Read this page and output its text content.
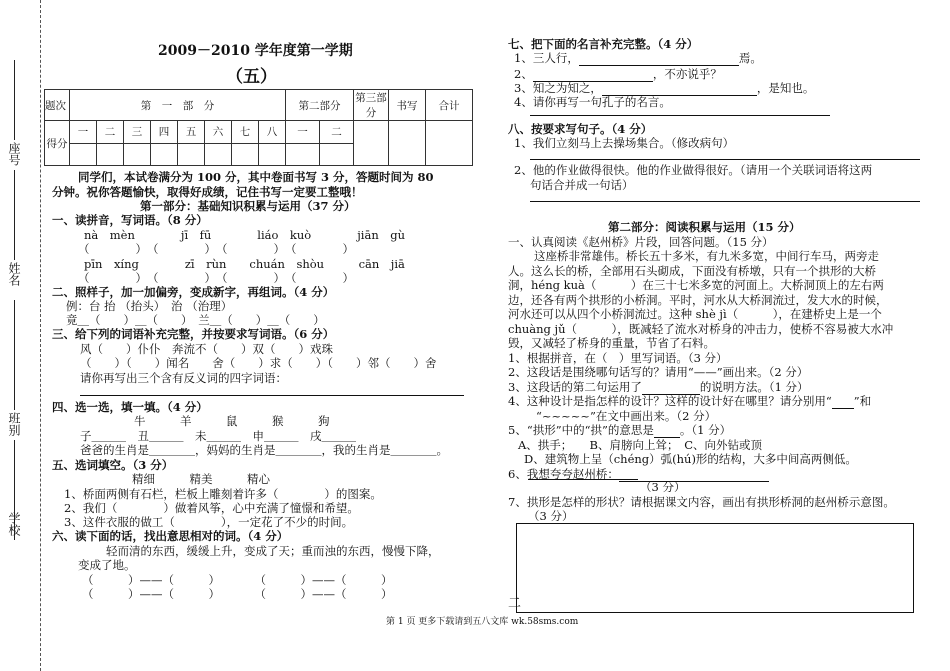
座号
姓名
班别
学校
2009－2010 学年度第一学期
（五）
题次	第　一　部　分								第二部分		第三部分	书写	合计
得分	一	二	三	四	五	六	七	八	一	二			

同学们，本试卷满分为 100 分，其中卷面书写 3 分，答题时间为 80
分钟。祝你答题愉快，取得好成绩，记住书写一定要工整哦！
第一部分：基础知识积累与运用（37 分）
一、读拼音，写词语。（8 分）
nà　mèn　　　　jī　fū　　　　liáo　kuò　　　　jiān　gù
（　　　　）　（　　　　）　（　　　　）　（　　　　）
pīn　xíng　　　　zī　rùn　　chuán　shòu　　　cān　jiā
（　　　　）　（　　　　）　（　　　　）　（　　　　）
二、照样子，加一加偏旁，变成新字，再组词。（4 分）
例：台 抬 （抬头）　治 （治理）
竟＿（　　）＿（　　）　兰＿（　　）＿（　　）
三、给下列的词语补充完整，并按要求写词语。（6 分）
风（　　）仆仆　奔流不（　　）双（　　）戏珠
（　　）（　　）闻名　　舍（　　）求（　　）（　　）邻（　　）舍
请你再写出三个含有反义词的四字词语：
四、选一选，填一填。（4 分）
牛　　　羊　　　鼠　　　猴　　　狗
子＿＿＿　丑＿＿＿　未＿＿＿　申＿＿＿　戌＿＿＿
爸爸的生肖是＿＿＿＿，妈妈的生肖是＿＿＿＿，我的生肖是＿＿＿＿。
五、选词填空。（3 分）
精细　　　精美　　　精心
1、桥面两侧有石栏，栏板上雕刻着许多（　　　　）的图案。
2、我们（　　　　）做着风筝，心中充满了憧憬和希望。
3、这件衣服的做工（　　　　），一定花了不少的时间。
六、读下面的话，找出意思相对的词。（4 分）
轻而清的东西，缓缓上升，变成了天；重而浊的东西，慢慢下降，
变成了地。
（　　　）——（　　　）　　　　（　　　）——（　　　）
（　　　）——（　　　）　　　　（　　　）——（　　　）
七、把下面的名言补充完整。（4 分）
1、三人行，	焉。
2、	，不亦说乎？
3、知之为知之，	，是知也。
4、请你再写一句孔子的名言。
八、按要求写句子。（4 分）
1、我们立刻马上去操场集合。（修改病句）
2、他的作业做得很快。他的作业做得很好。（请用一个关联词语将这两
句话合并成一句话）
第二部分：阅读积累与运用（15 分）
一、认真阅读《赵州桥》片段，回答问题。（15 分）
这座桥非常雄伟。桥长五十多米，有九米多宽，中间行车马，两旁走
人。这么长的桥，全部用石头砌成，下面没有桥墩，只有一个拱形的大桥
洞，héng kuà（　　　）在三十七米多宽的河面上。大桥洞顶上的左右两
边，还各有两个拱形的小桥洞。平时，河水从大桥洞流过，发大水的时候，
河水还可以从四个小桥洞流过。这种 shè jì（　　　），在建桥史上是一个
chuàng jǔ（　　　），既减轻了流水对桥身的冲击力，使桥不容易被大水冲
毁，又减轻了桥身的重量，节省了石料。
1、根据拼音，在（　）里写词语。（3 分）
2、这段话是围绕哪句话写的？请用“——”画出来。（2 分）
3、这段话的第二句运用了	的说明方法。（1 分）
4、这种设计是指怎样的设计？这样的设计好在哪里？请分别用“ ”和
“~~~~~”在文中画出来。（2 分）
5、“拱形”中的“拱”的意思是 。（1 分）
A、拱手；　　B、肩膀向上耸；　C、向外钻或顶
D、建筑物上呈（chéng）弧(hú)形的结构，大多中间高两侧低。
6、我想夸夸赵州桥：
（3 分）
7、拱形是怎样的形状？请根据课文内容，画出有拱形桥洞的赵州桥示意图。
（3 分）
二
第 1 页 更多下载请到五八文库 wk.58sms.com
